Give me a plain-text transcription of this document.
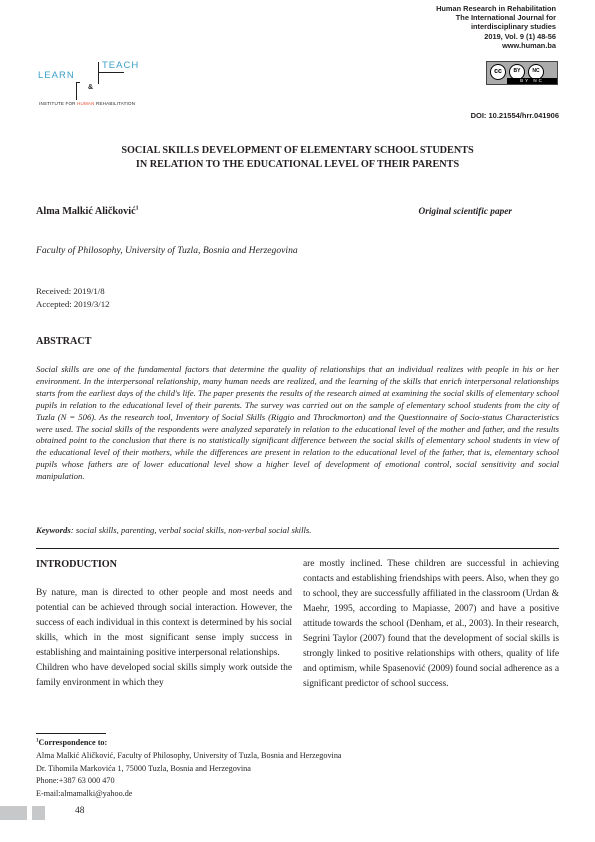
Human Research in Rehabilitation
The International Journal for
interdisciplinary studies
2019, Vol. 9 (1) 48-56
www.human.ba
cc	BY	NC
BY NC
LEARN
TEACH
&
INSTITUTE FOR HUMAN REHABILITATION
DOI: 10.21554/hrr.041906
SOCIAL SKILLS DEVELOPMENT OF ELEMENTARY SCHOOL STUDENTS
IN RELATION TO THE EDUCATIONAL LEVEL OF THEIR PARENTS
Alma Malkić Aličković$^1$	Original scientific paper
Faculty of Philosophy, University of Tuzla, Bosnia and Herzegovina
Received: 2019/1/8
Accepted: 2019/3/12
ABSTRACT
Social skills are one of the fundamental factors that determine the quality of relationships that an individual realizes with people in his or her environment. In the interpersonal relationship, many human needs are realized, and the learning of the skills that enrich interpersonal relationships starts from the earliest days of the child's life. The paper presents the results of the research aimed at examining the social skills of elementary school pupils in relation to the educational level of their parents. The survey was carried out on the sample of elementary school students from the city of Tuzla (N = 506). As the research tool, Inventory of Social Skills (Riggio and Throckmorton) and the Questionnaire of Socio-status Characteristics were used. The social skills of the respondents were analyzed separately in relation to the educational level of the mother and father, and the results obtained point to the conclusion that there is no statistically significant difference between the social skills of elementary school students in view of the educational level of their mothers, while the differences are present in relation to the educational level of the father, that is, elementary school pupils whose fathers are of lower educational level show a higher level of development of emotional control, social sensitivity and social manipulation.
Keywords: social skills, parenting, verbal social skills, non-verbal social skills.
INTRODUCTION

By nature, man is directed to other people and most needs and potential can be achieved through social interaction. However, the success of each individual in this context is determined by his social skills, which in the most significant sense imply success in establishing and maintaining positive interpersonal relationships.

Children who have developed social skills simply work outside the family environment in which they

are mostly inclined. These children are successful in achieving contacts and establishing friendships with peers. Also, when they go to school, they are successfully affiliated in the classroom (Urdan & Maehr, 1995, according to Mapiasse, 2007) and have a positive attitude towards the school (Denham, et al., 2003). In their research, Segrini Taylor (2007) found that the development of social skills is strongly linked to positive relationships with others, quality of life and optimism, while Spasenović (2009) found social adherence as a significant predictor of school success.

$^1$Correspondence to:
Alma Malkić Aličković, Faculty of Philosophy, University of Tuzla, Bosnia and Herzegovina
Dr. Tihomila Markovića 1, 75000 Tuzla, Bosnia and Herzegovina
Phone:+387 63 000 470
E-mail:almamalki@yahoo.de
48
